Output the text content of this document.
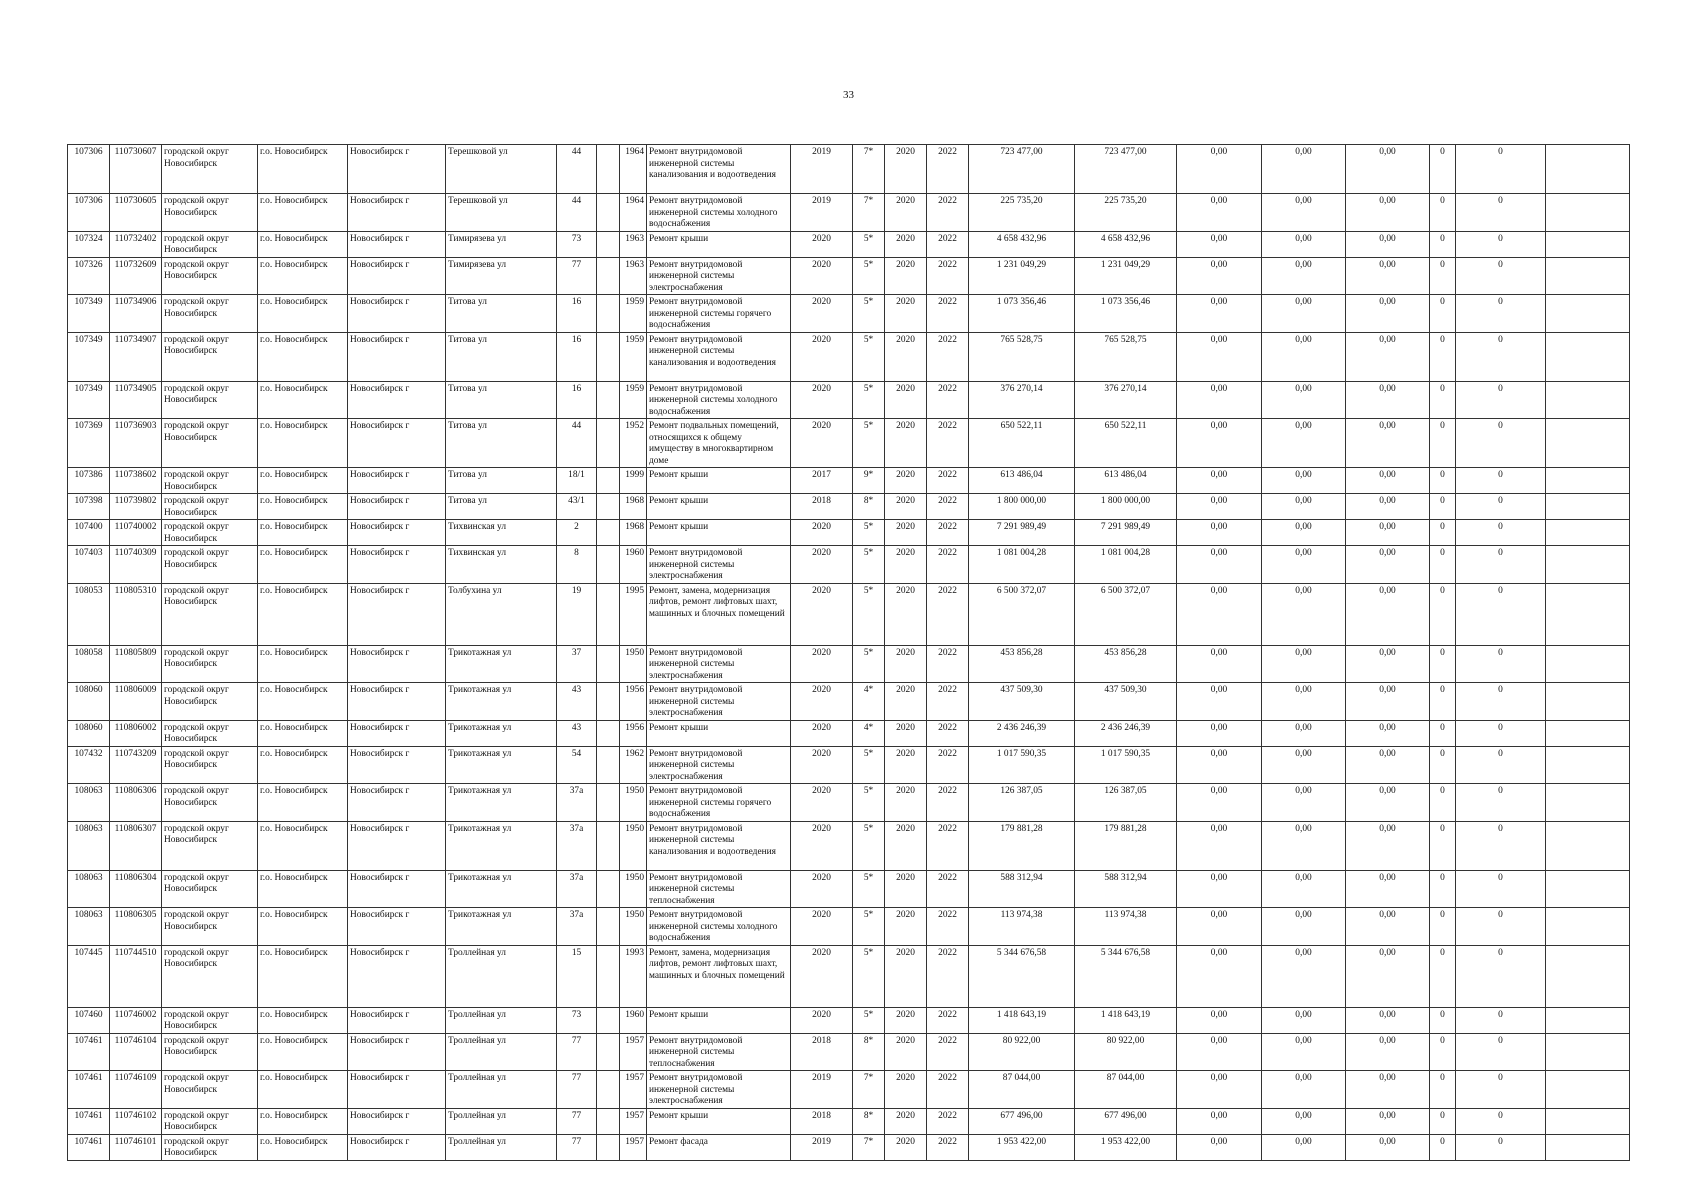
33
107306	110730607	городской округ Новосибирск	г.о. Новосибирск	Новосибирск г	Терешковой ул	44		1964	Ремонт внутридомовой инженерной системы канализования и водоотведения	2019	7*	2020	2022	723 477,00	723 477,00	0,00	0,00	0,00	0	0	
107306	110730605	городской округ Новосибирск	г.о. Новосибирск	Новосибирск г	Терешковой ул	44		1964	Ремонт внутридомовой инженерной системы холодного водоснабжения	2019	7*	2020	2022	225 735,20	225 735,20	0,00	0,00	0,00	0	0	
107324	110732402	городской округ Новосибирск	г.о. Новосибирск	Новосибирск г	Тимирязева ул	73		1963	Ремонт крыши	2020	5*	2020	2022	4 658 432,96	4 658 432,96	0,00	0,00	0,00	0	0	
107326	110732609	городской округ Новосибирск	г.о. Новосибирск	Новосибирск г	Тимирязева ул	77		1963	Ремонт внутридомовой инженерной системы электроснабжения	2020	5*	2020	2022	1 231 049,29	1 231 049,29	0,00	0,00	0,00	0	0	
107349	110734906	городской округ Новосибирск	г.о. Новосибирск	Новосибирск г	Титова ул	16		1959	Ремонт внутридомовой инженерной системы горячего водоснабжения	2020	5*	2020	2022	1 073 356,46	1 073 356,46	0,00	0,00	0,00	0	0	
107349	110734907	городской округ Новосибирск	г.о. Новосибирск	Новосибирск г	Титова ул	16		1959	Ремонт внутридомовой инженерной системы канализования и водоотведения	2020	5*	2020	2022	765 528,75	765 528,75	0,00	0,00	0,00	0	0	
107349	110734905	городской округ Новосибирск	г.о. Новосибирск	Новосибирск г	Титова ул	16		1959	Ремонт внутридомовой инженерной системы холодного водоснабжения	2020	5*	2020	2022	376 270,14	376 270,14	0,00	0,00	0,00	0	0	
107369	110736903	городской округ Новосибирск	г.о. Новосибирск	Новосибирск г	Титова ул	44		1952	Ремонт подвальных помещений, относящихся к общему имуществу в многоквартирном доме	2020	5*	2020	2022	650 522,11	650 522,11	0,00	0,00	0,00	0	0	
107386	110738602	городской округ Новосибирск	г.о. Новосибирск	Новосибирск г	Титова ул	18/1		1999	Ремонт крыши	2017	9*	2020	2022	613 486,04	613 486,04	0,00	0,00	0,00	0	0	
107398	110739802	городской округ Новосибирск	г.о. Новосибирск	Новосибирск г	Титова ул	43/1		1968	Ремонт крыши	2018	8*	2020	2022	1 800 000,00	1 800 000,00	0,00	0,00	0,00	0	0	
107400	110740002	городской округ Новосибирск	г.о. Новосибирск	Новосибирск г	Тихвинская ул	2		1968	Ремонт крыши	2020	5*	2020	2022	7 291 989,49	7 291 989,49	0,00	0,00	0,00	0	0	
107403	110740309	городской округ Новосибирск	г.о. Новосибирск	Новосибирск г	Тихвинская ул	8		1960	Ремонт внутридомовой инженерной системы электроснабжения	2020	5*	2020	2022	1 081 004,28	1 081 004,28	0,00	0,00	0,00	0	0	
108053	110805310	городской округ Новосибирск	г.о. Новосибирск	Новосибирск г	Толбухина ул	19		1995	Ремонт, замена, модернизация лифтов, ремонт лифтовых шахт, машинных и блочных помещений	2020	5*	2020	2022	6 500 372,07	6 500 372,07	0,00	0,00	0,00	0	0	
108058	110805809	городской округ Новосибирск	г.о. Новосибирск	Новосибирск г	Трикотажная ул	37		1950	Ремонт внутридомовой инженерной системы электроснабжения	2020	5*	2020	2022	453 856,28	453 856,28	0,00	0,00	0,00	0	0	
108060	110806009	городской округ Новосибирск	г.о. Новосибирск	Новосибирск г	Трикотажная ул	43		1956	Ремонт внутридомовой инженерной системы электроснабжения	2020	4*	2020	2022	437 509,30	437 509,30	0,00	0,00	0,00	0	0	
108060	110806002	городской округ Новосибирск	г.о. Новосибирск	Новосибирск г	Трикотажная ул	43		1956	Ремонт крыши	2020	4*	2020	2022	2 436 246,39	2 436 246,39	0,00	0,00	0,00	0	0	
107432	110743209	городской округ Новосибирск	г.о. Новосибирск	Новосибирск г	Трикотажная ул	54		1962	Ремонт внутридомовой инженерной системы электроснабжения	2020	5*	2020	2022	1 017 590,35	1 017 590,35	0,00	0,00	0,00	0	0	
108063	110806306	городской округ Новосибирск	г.о. Новосибирск	Новосибирск г	Трикотажная ул	37а		1950	Ремонт внутридомовой инженерной системы горячего водоснабжения	2020	5*	2020	2022	126 387,05	126 387,05	0,00	0,00	0,00	0	0	
108063	110806307	городской округ Новосибирск	г.о. Новосибирск	Новосибирск г	Трикотажная ул	37а		1950	Ремонт внутридомовой инженерной системы канализования и водоотведения	2020	5*	2020	2022	179 881,28	179 881,28	0,00	0,00	0,00	0	0	
108063	110806304	городской округ Новосибирск	г.о. Новосибирск	Новосибирск г	Трикотажная ул	37а		1950	Ремонт внутридомовой инженерной системы теплоснабжения	2020	5*	2020	2022	588 312,94	588 312,94	0,00	0,00	0,00	0	0	
108063	110806305	городской округ Новосибирск	г.о. Новосибирск	Новосибирск г	Трикотажная ул	37а		1950	Ремонт внутридомовой инженерной системы холодного водоснабжения	2020	5*	2020	2022	113 974,38	113 974,38	0,00	0,00	0,00	0	0	
107445	110744510	городской округ Новосибирск	г.о. Новосибирск	Новосибирск г	Троллейная ул	15		1993	Ремонт, замена, модернизация лифтов, ремонт лифтовых шахт, машинных и блочных помещений	2020	5*	2020	2022	5 344 676,58	5 344 676,58	0,00	0,00	0,00	0	0	
107460	110746002	городской округ Новосибирск	г.о. Новосибирск	Новосибирск г	Троллейная ул	73		1960	Ремонт крыши	2020	5*	2020	2022	1 418 643,19	1 418 643,19	0,00	0,00	0,00	0	0	
107461	110746104	городской округ Новосибирск	г.о. Новосибирск	Новосибирск г	Троллейная ул	77		1957	Ремонт внутридомовой инженерной системы теплоснабжения	2018	8*	2020	2022	80 922,00	80 922,00	0,00	0,00	0,00	0	0	
107461	110746109	городской округ Новосибирск	г.о. Новосибирск	Новосибирск г	Троллейная ул	77		1957	Ремонт внутридомовой инженерной системы электроснабжения	2019	7*	2020	2022	87 044,00	87 044,00	0,00	0,00	0,00	0	0	
107461	110746102	городской округ Новосибирск	г.о. Новосибирск	Новосибирск г	Троллейная ул	77		1957	Ремонт крыши	2018	8*	2020	2022	677 496,00	677 496,00	0,00	0,00	0,00	0	0	
107461	110746101	городской округ Новосибирск	г.о. Новосибирск	Новосибирск г	Троллейная ул	77		1957	Ремонт фасада	2019	7*	2020	2022	1 953 422,00	1 953 422,00	0,00	0,00	0,00	0	0	
